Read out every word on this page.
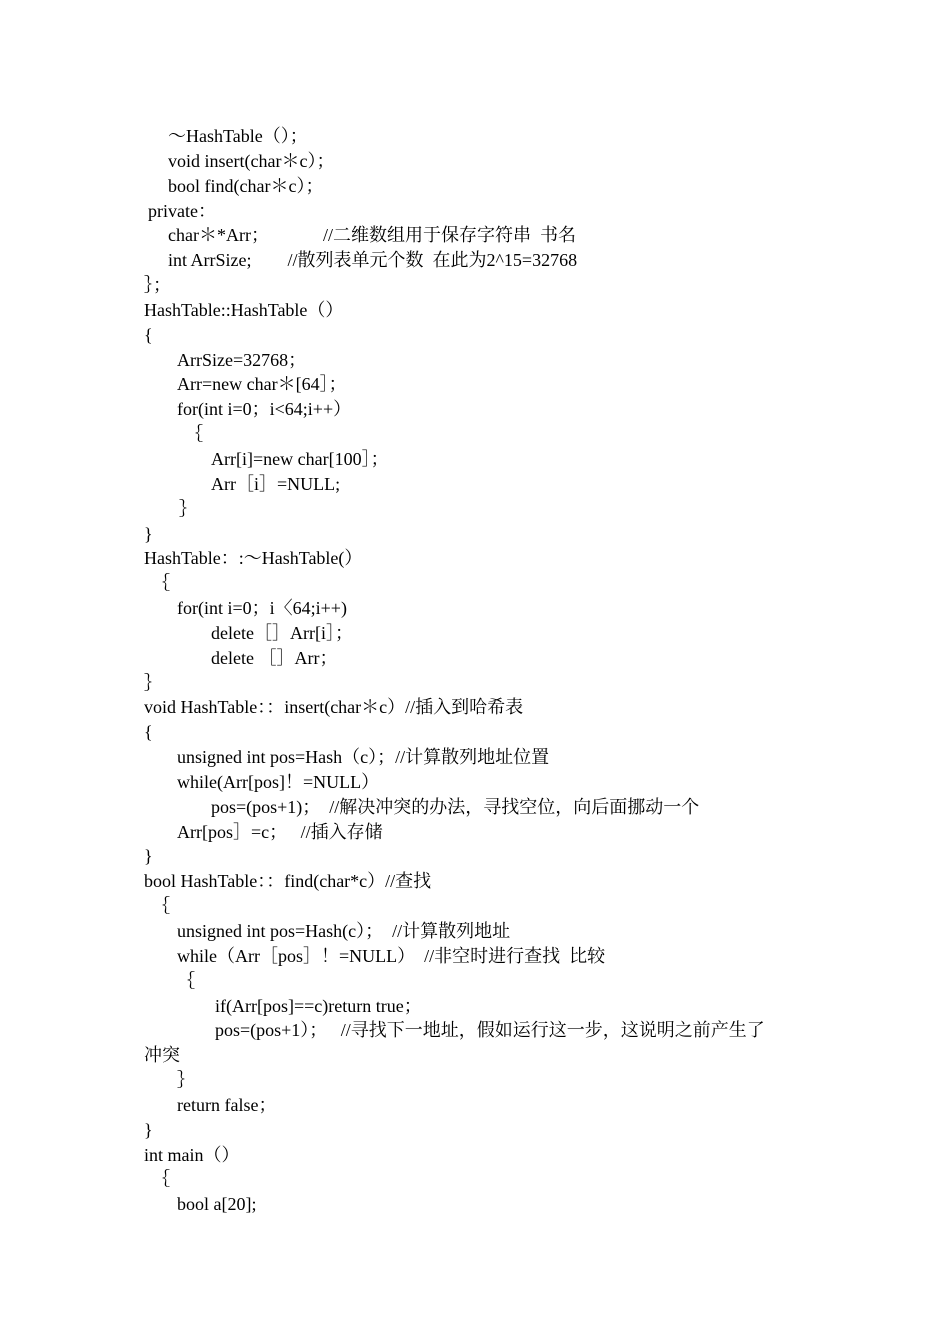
～HashTable（）；
void insert(char＊c）；
bool find(char＊c）；
private：
char＊*Arr；            //二维数组用于保存字符串  书名
int ArrSize;        //散列表单元个数  在此为2^15=32768
｝；
HashTable::HashTable（）
{
ArrSize=32768；
Arr=new char＊[64］；
for(int i=0；i<64;i++）
｛
Arr[i]=new char[100］；
Arr［i］=NULL;
｝
}
HashTable：:～HashTable(）
｛
for(int i=0；i〈64;i++)
delete［］Arr[i］；
delete ［］Arr；
｝
void HashTable：：insert(char＊c）//插入到哈希表
{
unsigned int pos=Hash（c）；//计算散列地址位置
while(Arr[pos]！=NULL）
pos=(pos+1)；  //解决冲突的办法，寻找空位，向后面挪动一个
Arr[pos］=c；   //插入存储
}
bool HashTable：：find(char*c）//查找
｛
unsigned int pos=Hash(c）；  //计算散列地址
while（Arr［pos］！=NULL）  //非空时进行查找  比较
｛
if(Arr[pos]==c)return true；
pos=(pos+1）；   //寻找下一地址，假如运行这一步，这说明之前产生了
冲突
｝
return false；
}
int main（）
｛
bool a[20];
